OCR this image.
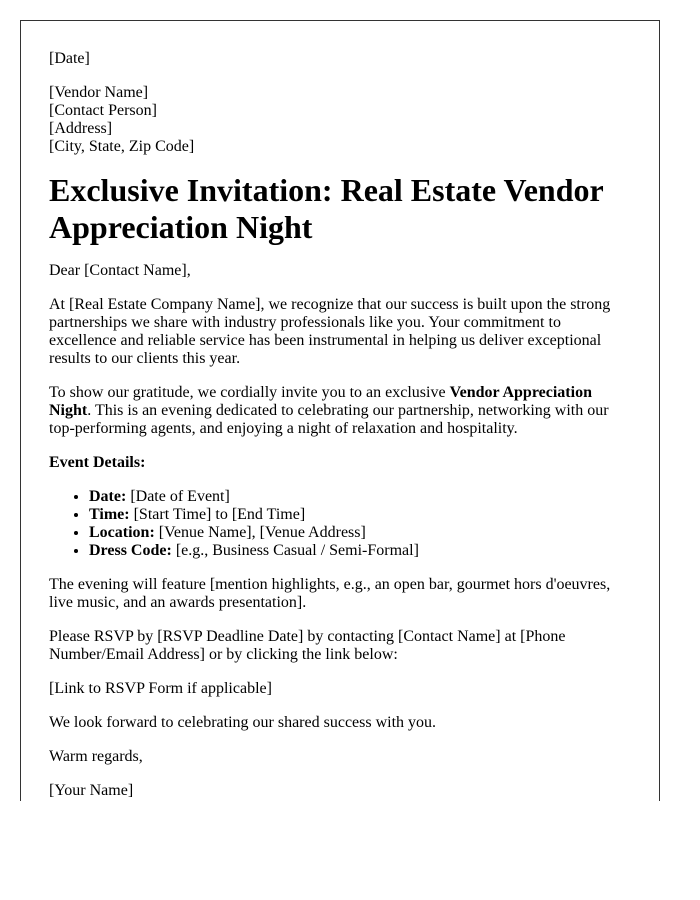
[Date]

[Vendor Name]
[Contact Person]
[Address]
[City, State, Zip Code]

Exclusive Invitation: Real Estate Vendor Appreciation Night

Dear [Contact Name],

At [Real Estate Company Name], we recognize that our success is built upon the strong partnerships we share with industry professionals like you. Your commitment to excellence and reliable service has been instrumental in helping us deliver exceptional results to our clients this year.

To show our gratitude, we cordially invite you to an exclusive Vendor Appreciation Night. This is an evening dedicated to celebrating our partnership, networking with our top-performing agents, and enjoying a night of relaxation and hospitality.

Event Details:

• Date: [Date of Event]
• Time: [Start Time] to [End Time]
• Location: [Venue Name], [Venue Address]
• Dress Code: [e.g., Business Casual / Semi-Formal]

The evening will feature [mention highlights, e.g., an open bar, gourmet hors d'oeuvres, live music, and an awards presentation].

Please RSVP by [RSVP Deadline Date] by contacting [Contact Name] at [Phone Number/Email Address] or by clicking the link below:

[Link to RSVP Form if applicable]

We look forward to celebrating our shared success with you.

Warm regards,

[Your Name]
